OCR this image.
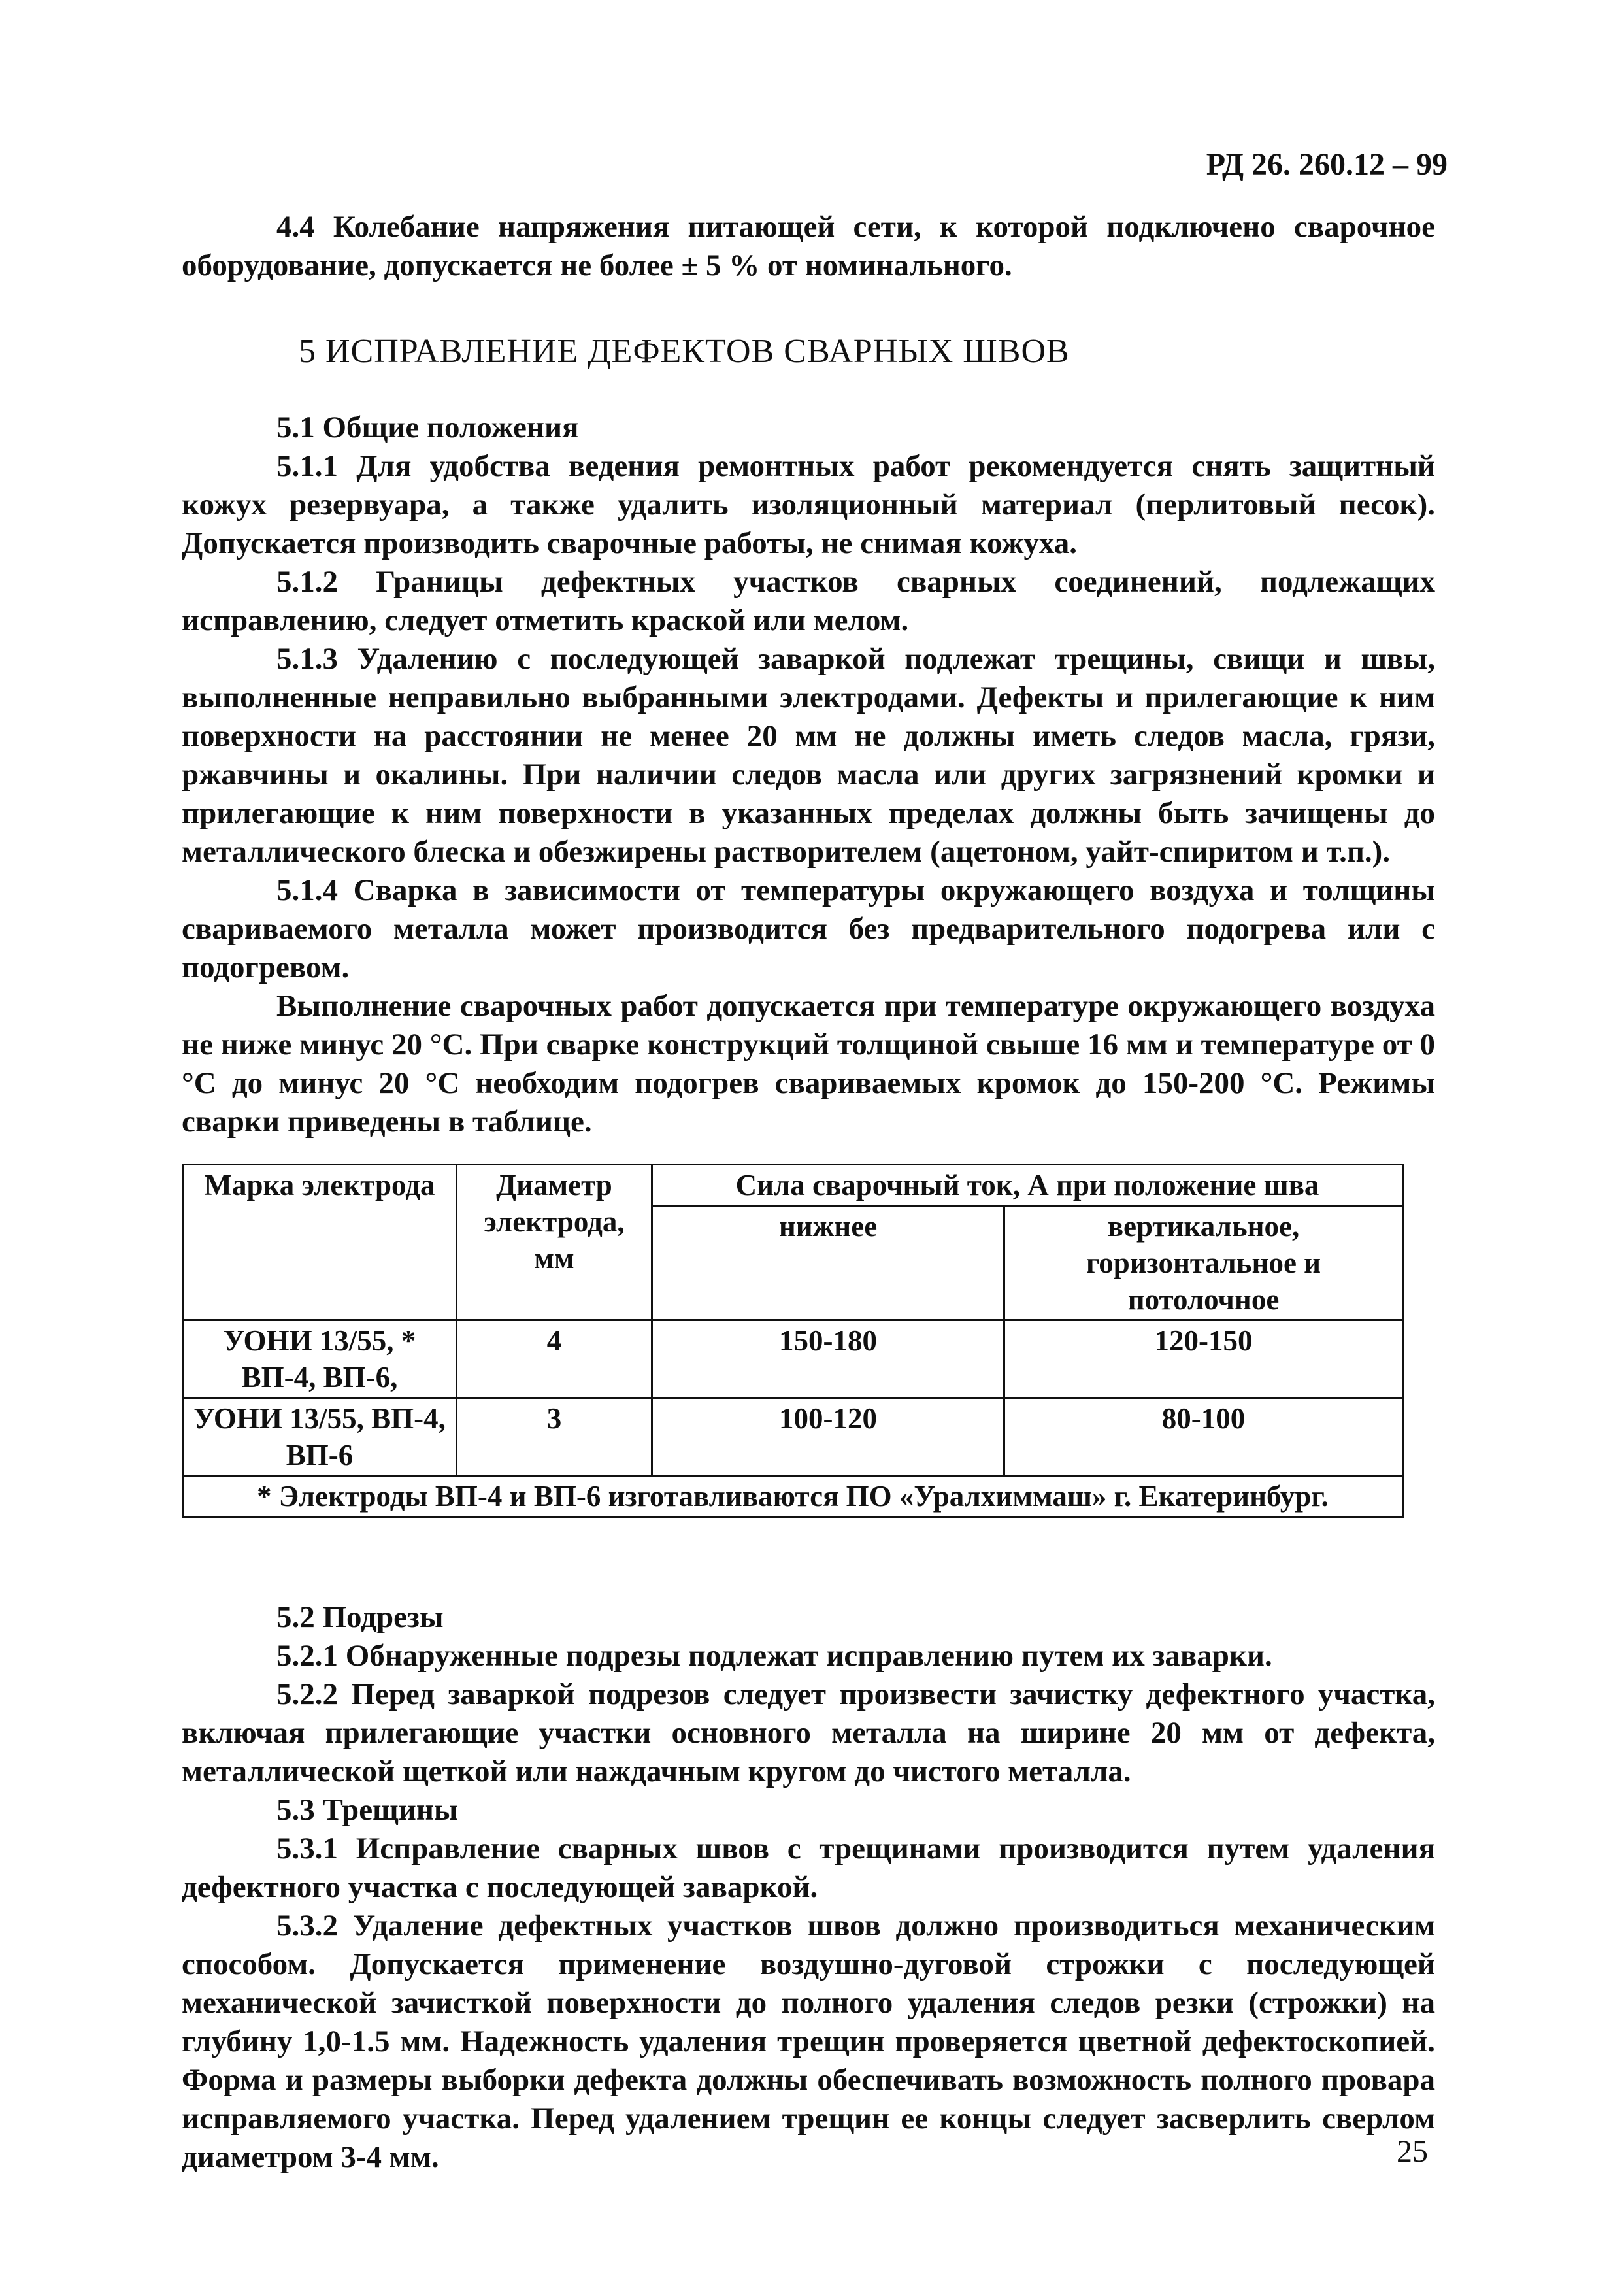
РД 26. 260.12 – 99

4.4 Колебание напряжения питающей сети, к которой подключено сварочное оборудование, допускается не более ± 5 % от номинального.

5 ИСПРАВЛЕНИЕ ДЕФЕКТОВ СВАРНЫХ ШВОВ

5.1 Общие положения

5.1.1 Для удобства ведения ремонтных работ рекомендуется снять защитный кожух резервуара, а также удалить изоляционный материал (перлитовый песок). Допускается производить сварочные работы, не снимая кожуха.

5.1.2 Границы дефектных участков сварных соединений, подлежащих исправлению, следует отметить краской или мелом.

5.1.3 Удалению с последующей заваркой подлежат трещины, свищи и швы, выполненные неправильно выбранными электродами. Дефекты и прилегающие к ним поверхности на расстоянии не менее 20 мм не должны иметь следов масла, грязи, ржавчины и окалины. При наличии следов масла или других загрязнений кромки и прилегающие к ним поверхности в указанных пределах должны быть зачищены до металлического блеска и обезжирены растворителем (ацетоном, уайт-спиритом и т.п.).

5.1.4 Сварка в зависимости от температуры окружающего воздуха и толщины свариваемого металла может производится без предварительного подогрева или с подогревом.

Выполнение сварочных работ допускается при температуре окружающего воздуха не ниже минус 20 °С. При сварке конструкций толщиной свыше 16 мм и температуре от 0 °С до минус 20 °С необходим подогрев свариваемых кромок до 150-200 °С. Режимы сварки приведены в таблице.

Марка электрода	Диаметр электрода, мм	Сила сварочный ток, А при положение шва	
		нижнее	вертикальное, горизонтальное и потолочное
УОНИ 13/55, * ВП-4, ВП-6,	4	150-180	120-150
УОНИ 13/55, ВП-4, ВП-6	3	100-120	80-100
* Электроды ВП-4 и ВП-6 изготавливаются ПО «Уралхиммаш» г. Екатеринбург.			

5.2 Подрезы

5.2.1 Обнаруженные подрезы подлежат исправлению путем их заварки.

5.2.2 Перед заваркой подрезов следует произвести зачистку дефектного участка, включая прилегающие участки основного металла на ширине 20 мм от дефекта, металлической щеткой или наждачным кругом до чистого металла.

5.3 Трещины

5.3.1 Исправление сварных швов с трещинами производится путем удаления дефектного участка с последующей заваркой.

5.3.2 Удаление дефектных участков швов должно производиться механическим способом. Допускается применение воздушно-дуговой строжки с последующей механической зачисткой поверхности до полного удаления следов резки (строжки) на глубину 1,0-1.5 мм. Надежность удаления трещин проверяется цветной дефектоскопией. Форма и размеры выборки дефекта должны обеспечивать возможность полного провара исправляемого участка. Перед удалением трещин ее концы следует засверлить сверлом диаметром 3-4 мм.	25
